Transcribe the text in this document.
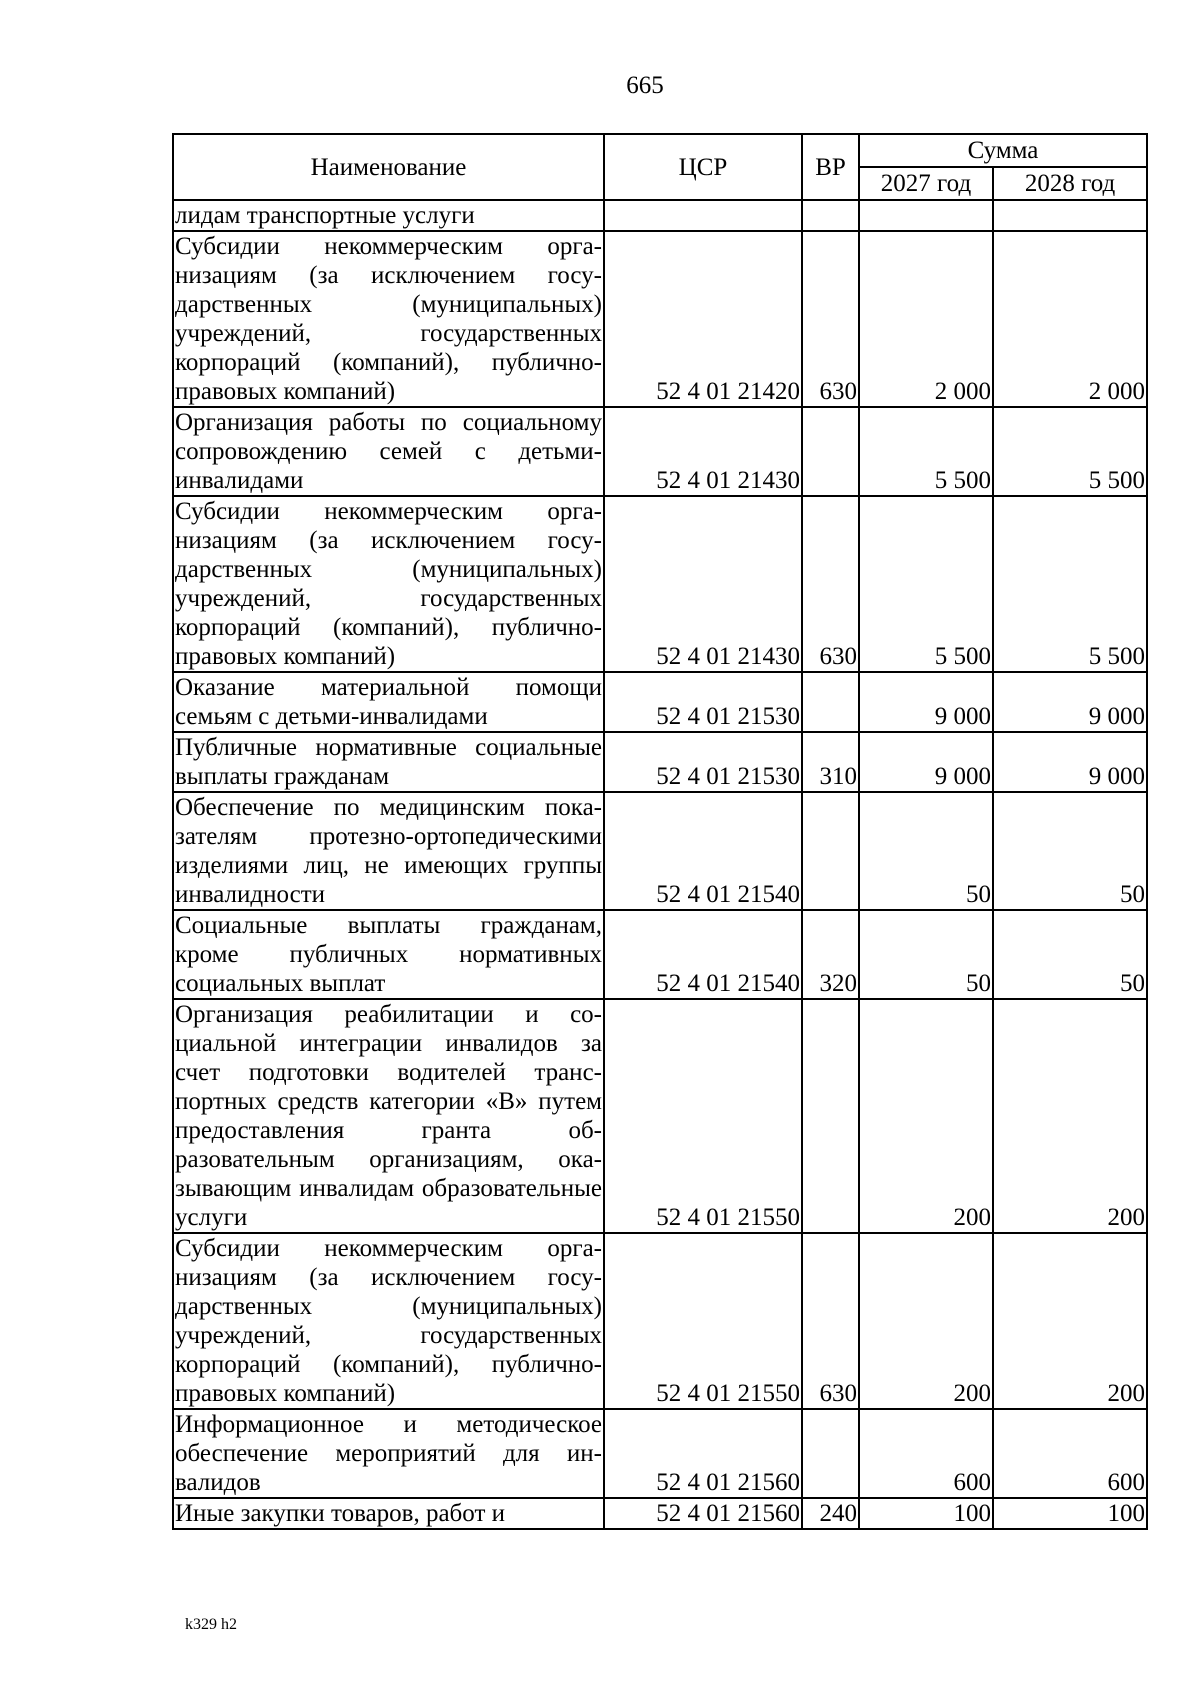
665
Наименование	ЦСР	ВР	Сумма	
			2027 год	2028 год
лидам транспортные услуги				
Субсидии некоммерческим организациям (за исключением государственных (муниципальных) учреждений, государственных корпораций (компаний), публично-правовых компаний)	52 4 01 21420	630	2 000	2 000
Организация работы по социальному сопровождению семей с детьми-инвалидами	52 4 01 21430		5 500	5 500
Субсидии некоммерческим организациям (за исключением государственных (муниципальных) учреждений, государственных корпораций (компаний), публично-правовых компаний)	52 4 01 21430	630	5 500	5 500
Оказание материальной помощи семьям с детьми-инвалидами	52 4 01 21530		9 000	9 000
Публичные нормативные социальные выплаты гражданам	52 4 01 21530	310	9 000	9 000
Обеспечение по медицинским показателям протезно-ортопедическими изделиями лиц, не имеющих группы инвалидности	52 4 01 21540		50	50
Социальные выплаты гражданам, кроме публичных нормативных социальных выплат	52 4 01 21540	320	50	50
Организация реабилитации и социальной интеграции инвалидов за счет подготовки водителей транспортных средств категории «В» путем предоставления гранта образовательным организациям, оказывающим инвалидам образовательные услуги	52 4 01 21550		200	200
Субсидии некоммерческим организациям (за исключением государственных (муниципальных) учреждений, государственных корпораций (компаний), публично-правовых компаний)	52 4 01 21550	630	200	200
Информационное и методическое обеспечение мероприятий для инвалидов	52 4 01 21560		600	600
Иные закупки товаров, работ и	52 4 01 21560	240	100	100
k329 h2
